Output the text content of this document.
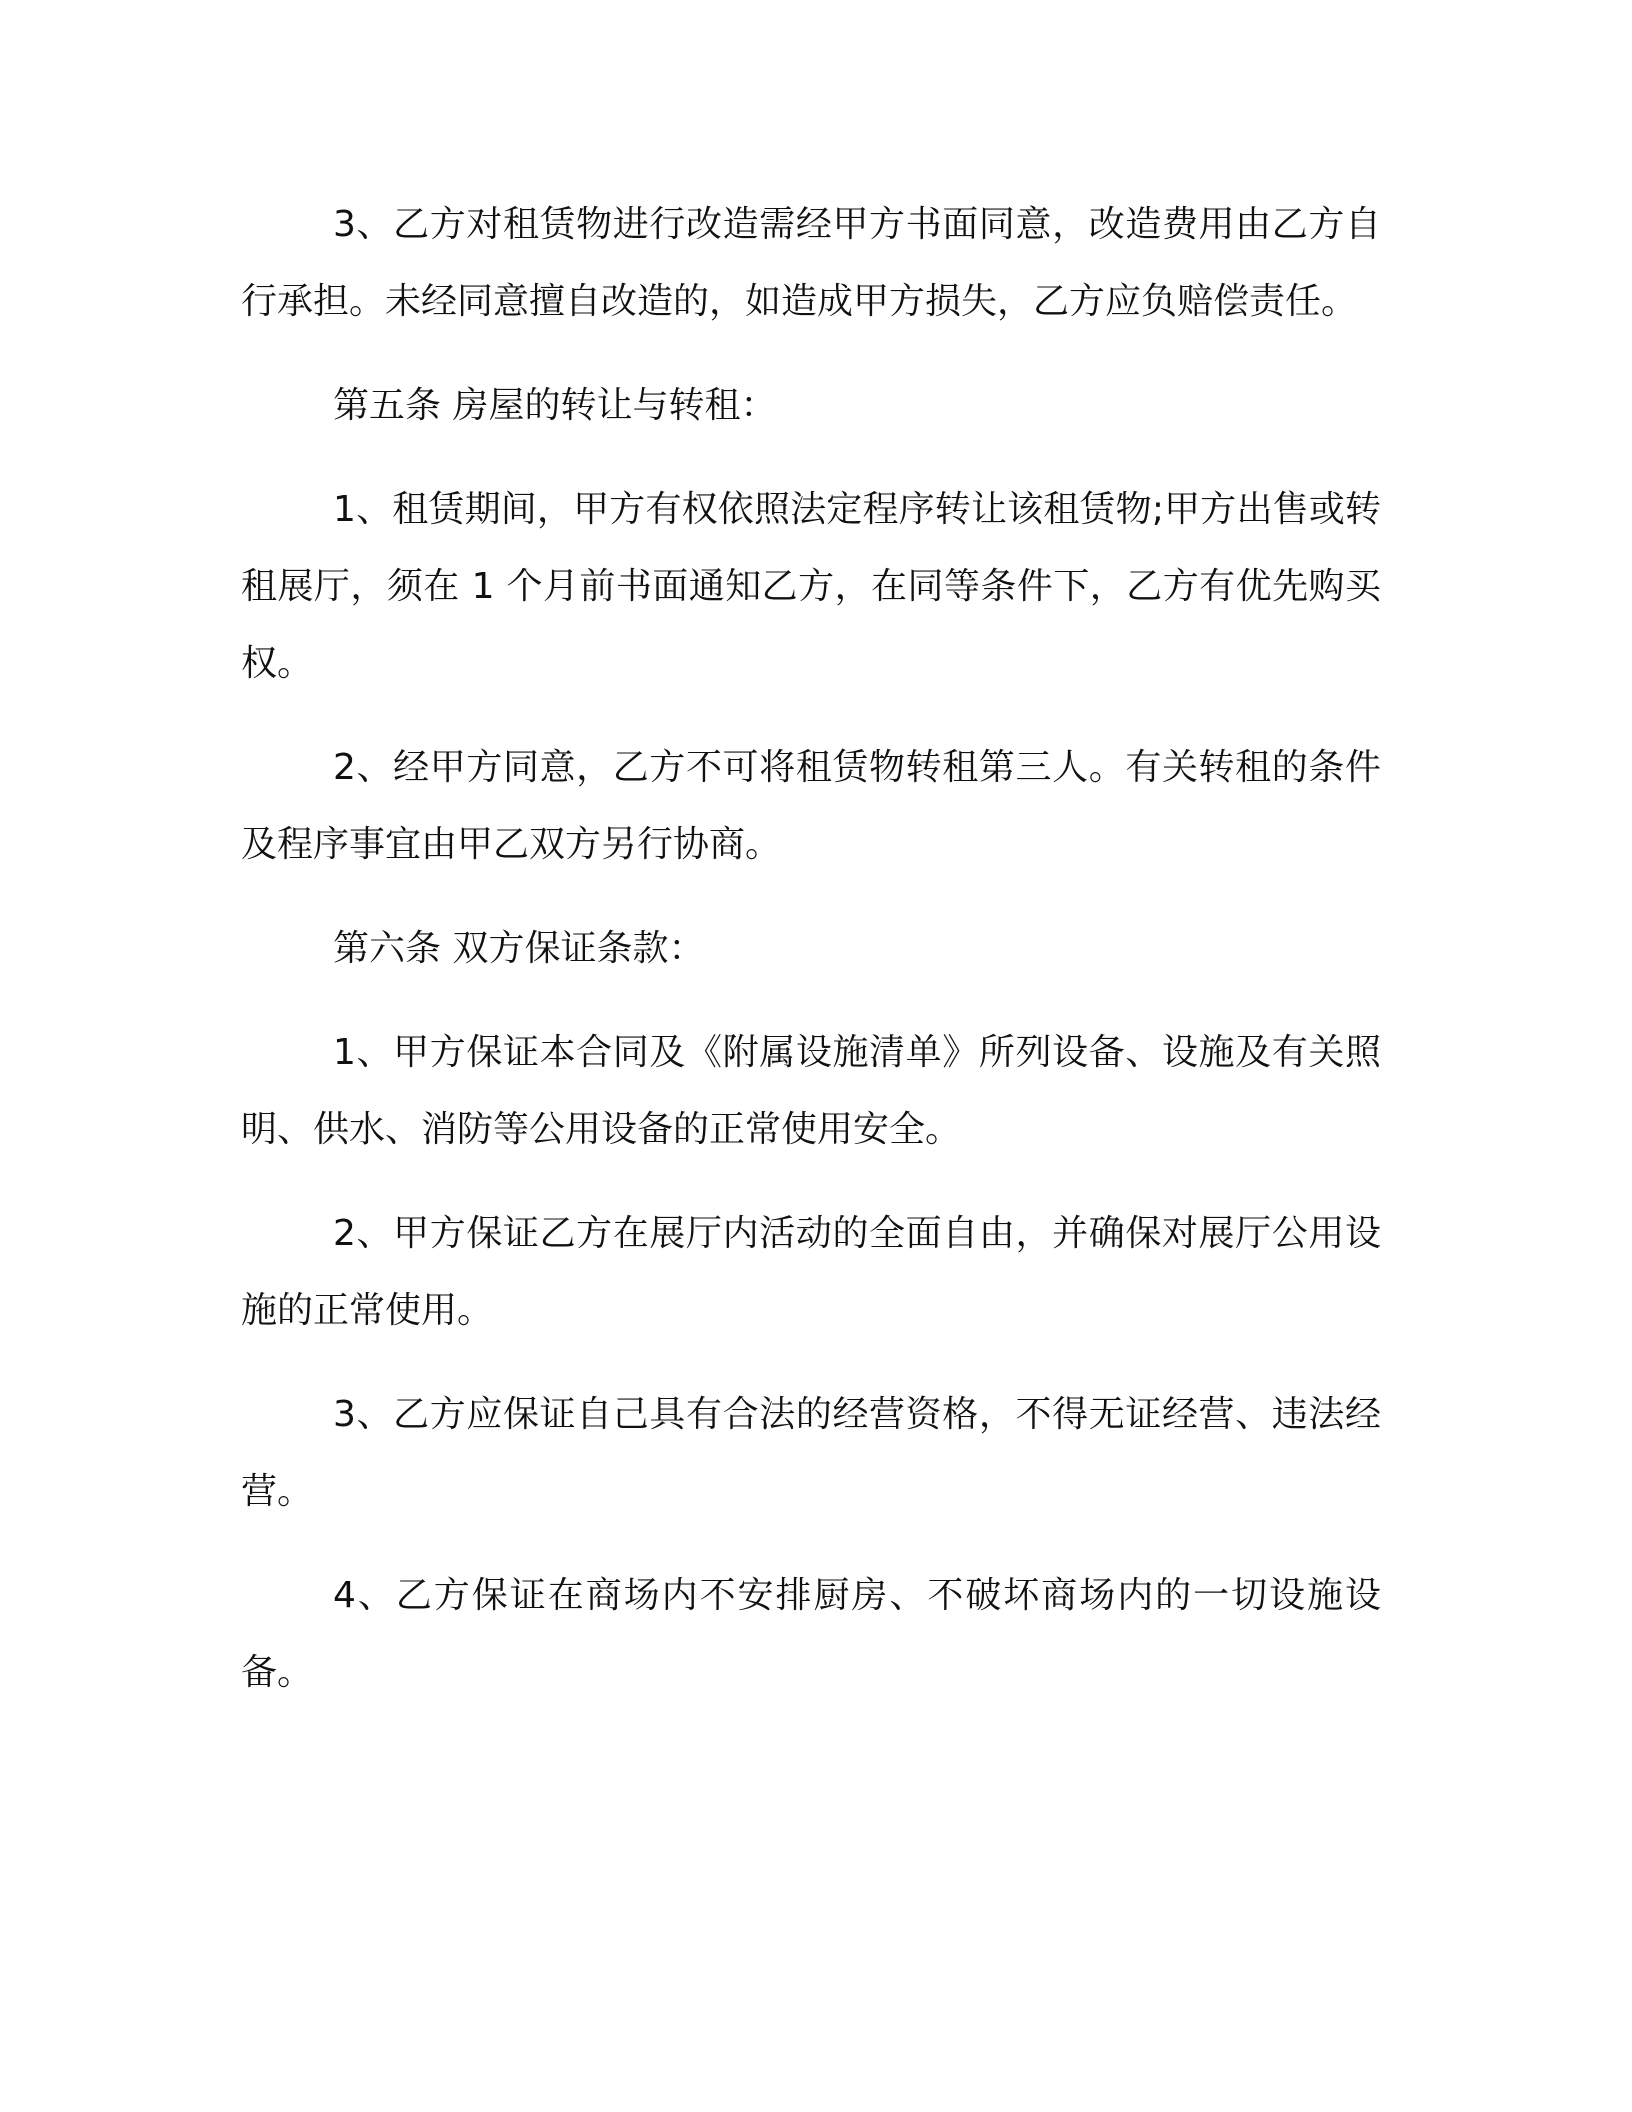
3、乙方对租赁物进行改造需经甲方书面同意，改造费用由乙方自行承担。未经同意擅自改造的，如造成甲方损失，乙方应负赔偿责任。

第五条 房屋的转让与转租：

1、租赁期间，甲方有权依照法定程序转让该租赁物;甲方出售或转租展厅，须在 1 个月前书面通知乙方，在同等条件下，乙方有优先购买权。

2、经甲方同意，乙方不可将租赁物转租第三人。有关转租的条件及程序事宜由甲乙双方另行协商。

第六条 双方保证条款：

1、甲方保证本合同及《附属设施清单》所列设备、设施及有关照明、供水、消防等公用设备的正常使用安全。

2、甲方保证乙方在展厅内活动的全面自由，并确保对展厅公用设施的正常使用。

3、乙方应保证自己具有合法的经营资格，不得无证经营、违法经营。

4、乙方保证在商场内不安排厨房、不破坏商场内的一切设施设备。
